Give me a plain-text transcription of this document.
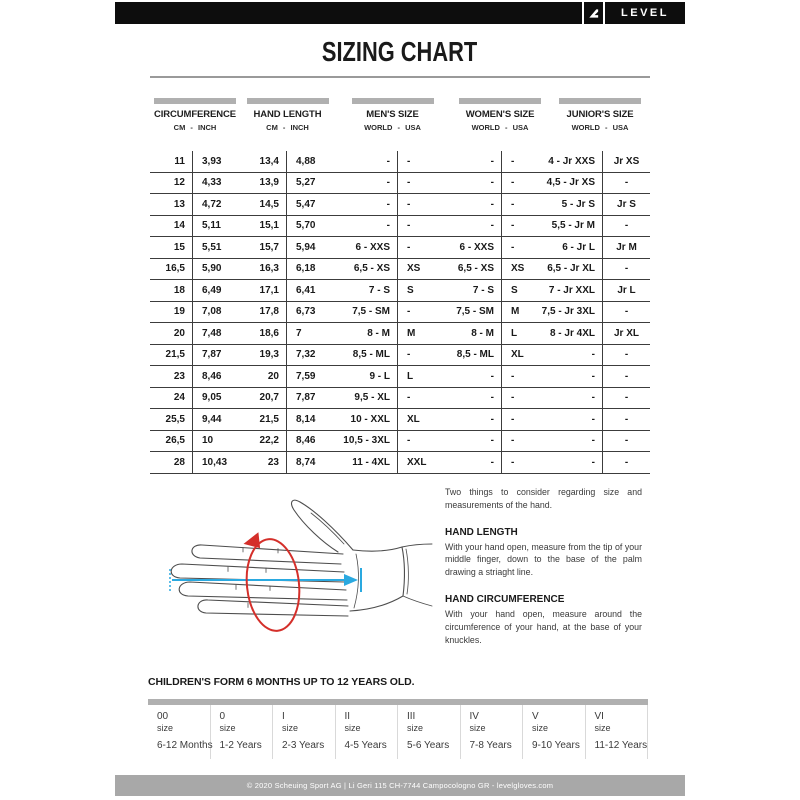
LEVEL
SIZING CHART
CIRCUMFERENCE
CM - INCH
HAND LENGTH
CM - INCH
MEN'S SIZE
WORLD - USA
WOMEN'S SIZE
WORLD - USA
JUNIOR'S SIZE
WORLD - USA
11	3,93	13,4	4,88	-	-	-	-	4 - Jr XXS	Jr XS
12	4,33	13,9	5,27	-	-	-	-	4,5 - Jr XS	-
13	4,72	14,5	5,47	-	-	-	-	5 - Jr S	Jr S
14	5,11	15,1	5,70	-	-	-	-	5,5 - Jr M	-
15	5,51	15,7	5,94	6 - XXS	-	6 - XXS	-	6 - Jr L	Jr M
16,5	5,90	16,3	6,18	6,5 - XS	XS	6,5 - XS	XS	6,5 - Jr XL	-
18	6,49	17,1	6,41	7 - S	S	7 - S	S	7 - Jr XXL	Jr L
19	7,08	17,8	6,73	7,5 - SM	-	7,5 - SM	M	7,5 - Jr 3XL	-
20	7,48	18,6	7	8 - M	M	8 - M	L	8 - Jr 4XL	Jr XL
21,5	7,87	19,3	7,32	8,5 - ML	-	8,5 - ML	XL	-	-
23	8,46	20	7,59	9 - L	L	-	-	-	-
24	9,05	20,7	7,87	9,5 - XL	-	-	-	-	-
25,5	9,44	21,5	8,14	10 - XXL	XL	-	-	-	-
26,5	10	22,2	8,46	10,5 - 3XL	-	-	-	-	-
28	10,43	23	8,74	11 - 4XL	XXL	-	-	-	-

Two things to consider regarding size and measurements of the hand.

HAND LENGTH

With your hand open, measure from the tip of your middle finger, down to the base of the palm drawing a striaght line.

HAND CIRCUMFERENCE

With your hand open, measure around the circumference of your hand, at the base of your knuckles.

CHILDREN'S FORM 6 MONTHS UP TO 12 YEARS OLD.
00
size
6-12 Months
0
size
1-2 Years
I
size
2-3 Years
II
size
4-5 Years
III
size
5-6 Years
IV
size
7-8 Years
V
size
9-10 Years
VI
size
11-12 Years
© 2020 Scheuing Sport AG | Li Geri 115 CH-7744 Campocologno GR - levelgloves.com
